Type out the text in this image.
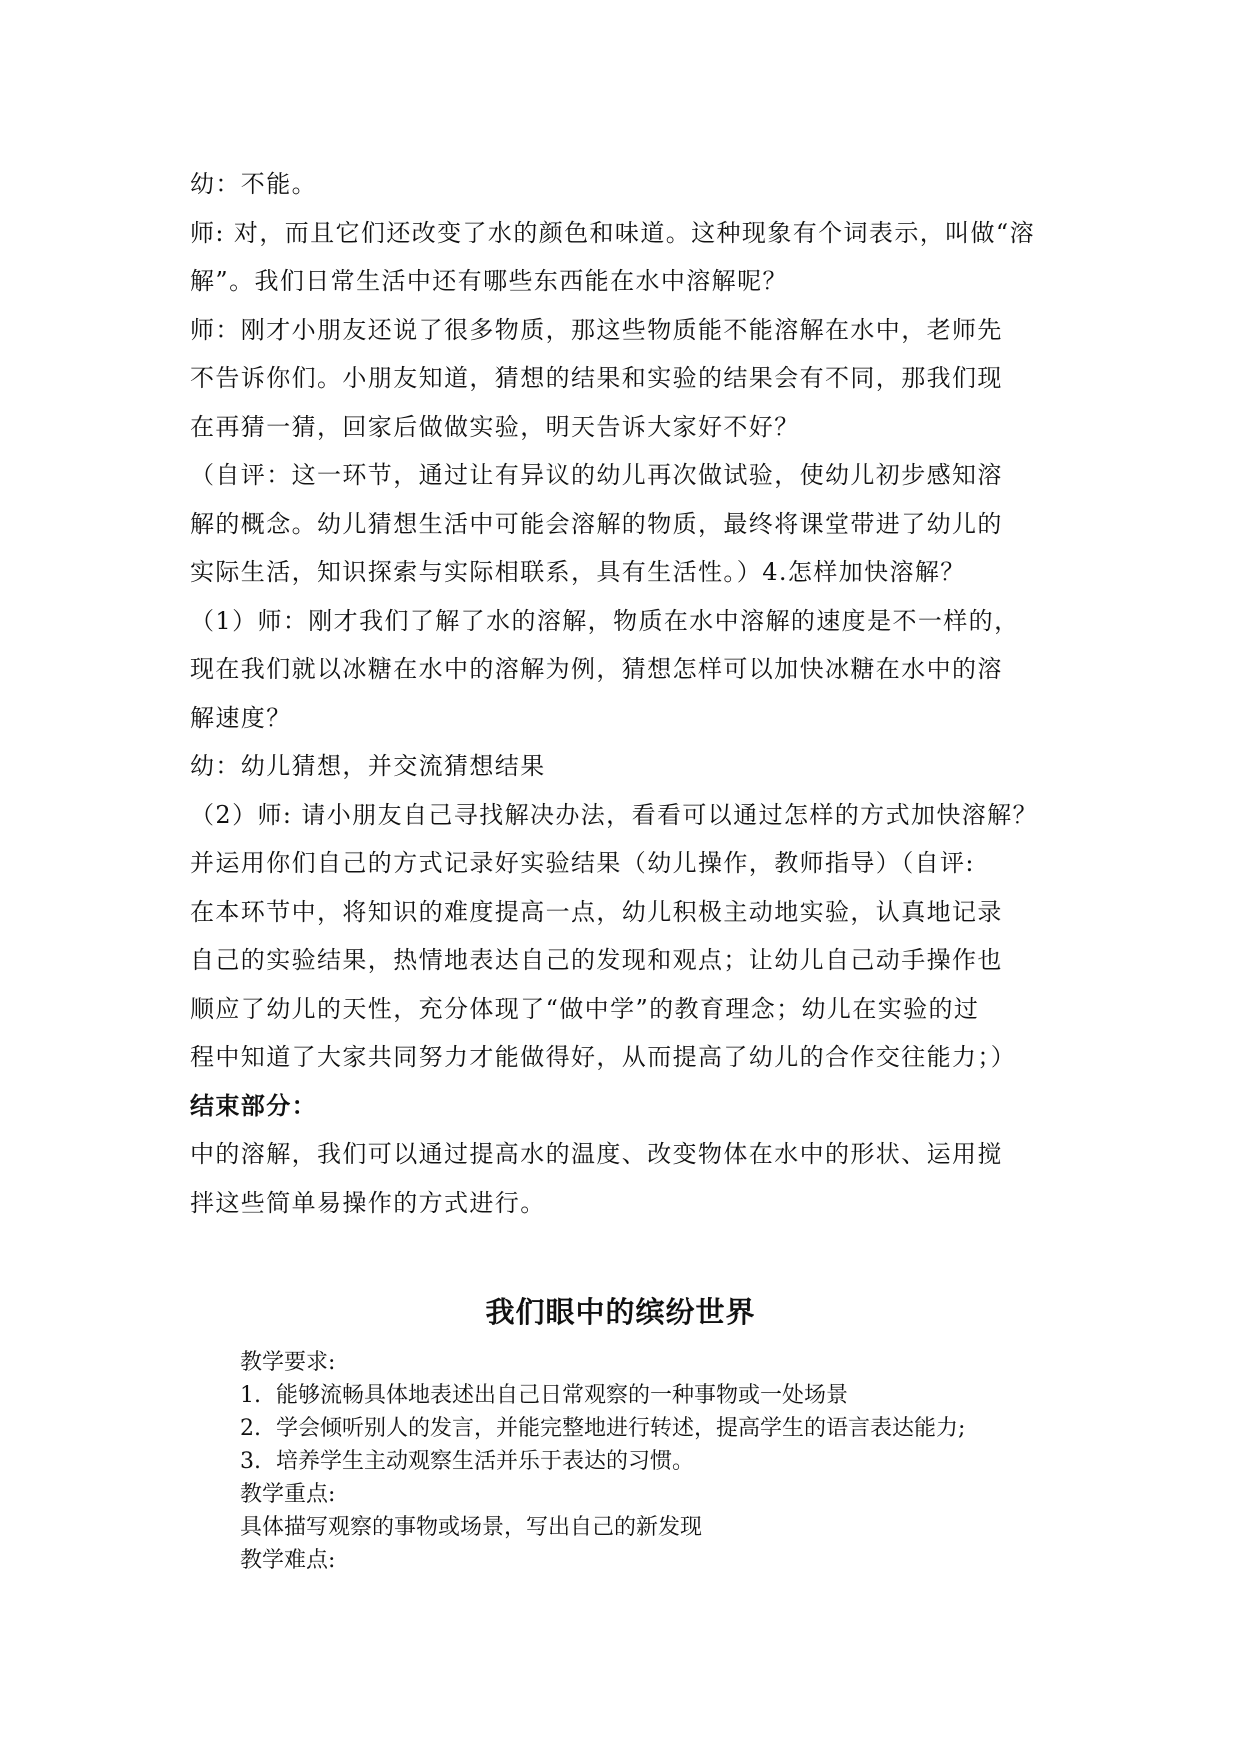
幼：不能。
师: 对，而且它们还改变了水的颜色和味道。这种现象有个词表示，叫做“溶
解”。我们日常生活中还有哪些东西能在水中溶解呢？
师：刚才小朋友还说了很多物质，那这些物质能不能溶解在水中，老师先
不告诉你们。小朋友知道，猜想的结果和实验的结果会有不同，那我们现
在再猜一猜，回家后做做实验，明天告诉大家好不好？
（自评：这一环节，通过让有异议的幼儿再次做试验，使幼儿初步感知溶
解的概念。幼儿猜想生活中可能会溶解的物质，最终将课堂带进了幼儿的
实际生活，知识探索与实际相联系，具有生活性。）4.怎样加快溶解？
（1）师：刚才我们了解了水的溶解，物质在水中溶解的速度是不一样的，
现在我们就以冰糖在水中的溶解为例，猜想怎样可以加快冰糖在水中的溶
解速度？
幼：幼儿猜想，并交流猜想结果
（2）师: 请小朋友自己寻找解决办法，看看可以通过怎样的方式加快溶解？
并运用你们自己的方式记录好实验结果（幼儿操作，教师指导）（自评:
在本环节中，将知识的难度提高一点，幼儿积极主动地实验，认真地记录
自己的实验结果，热情地表达自己的发现和观点；让幼儿自己动手操作也
顺应了幼儿的天性，充分体现了“做中学”的教育理念；幼儿在实验的过
程中知道了大家共同努力才能做得好，从而提高了幼儿的合作交往能力；）
结束部分：
中的溶解，我们可以通过提高水的温度、改变物体在水中的形状、运用搅
拌这些简单易操作的方式进行。
我们眼中的缤纷世界
教学要求:
1. 能够流畅具体地表述出自己日常观察的一种事物或一处场景
2. 学会倾听别人的发言，并能完整地进行转述，提高学生的语言表达能力;
3. 培养学生主动观察生活并乐于表达的习惯。
教学重点:
具体描写观察的事物或场景，写出自己的新发现
教学难点:
